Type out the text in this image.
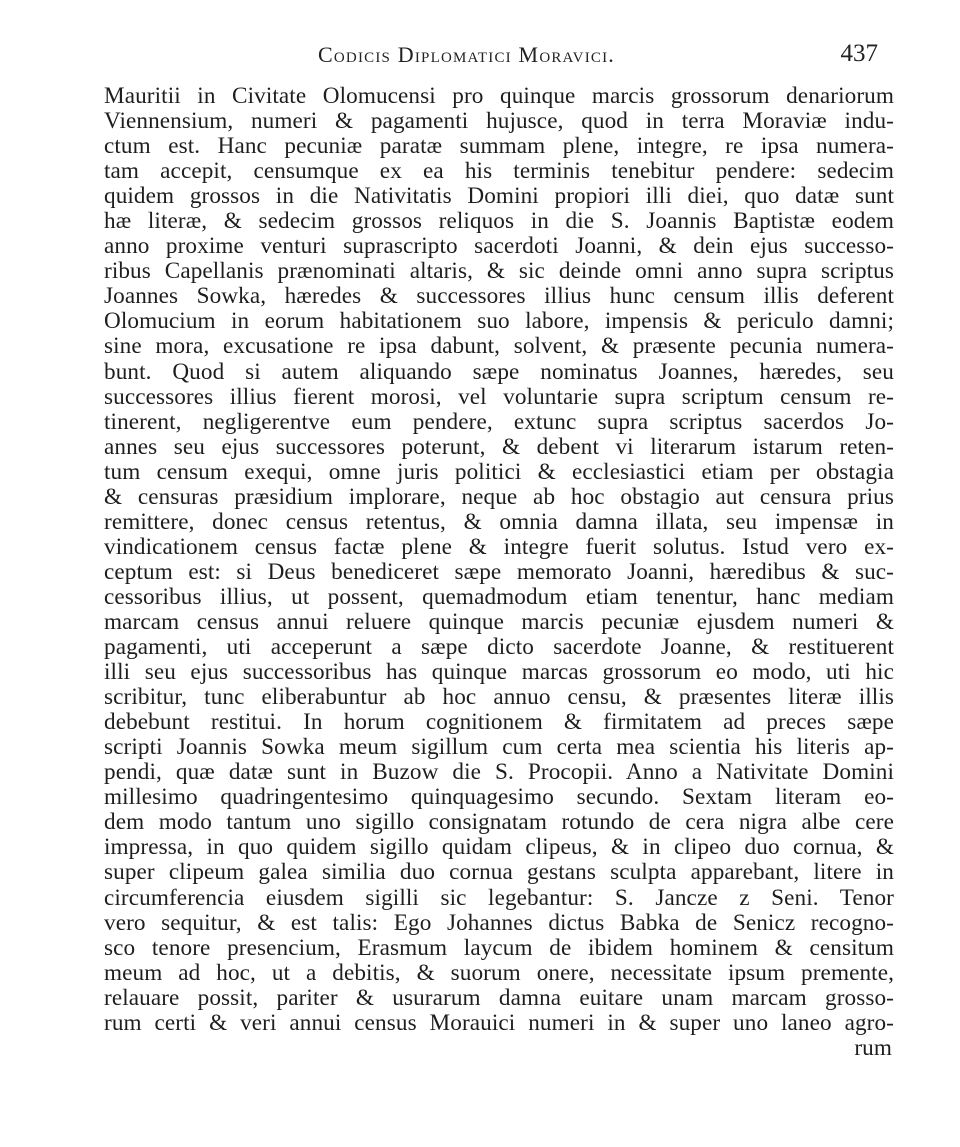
Codicis Diplomatici Moravici.	437
Mauritii in Civitate Olomucensi pro quinque marcis grossorum denariorum
Viennensium, numeri & pagamenti hujusce, quod in terra Moraviæ indu-
ctum est. Hanc pecuniæ paratæ summam plene, integre, re ipsa numera-
tam accepit, censumque ex ea his terminis tenebitur pendere: sedecim
quidem grossos in die Nativitatis Domini propiori illi diei, quo datæ sunt
hæ literæ, & sedecim grossos reliquos in die S. Joannis Baptistæ eodem
anno proxime venturi suprascripto sacerdoti Joanni, & dein ejus successo-
ribus Capellanis prænominati altaris, & sic deinde omni anno supra scriptus
Joannes Sowka, hæredes & successores illius hunc censum illis deferent
Olomucium in eorum habitationem suo labore, impensis & periculo damni;
sine mora, excusatione re ipsa dabunt, solvent, & præsente pecunia numera-
bunt. Quod si autem aliquando sæpe nominatus Joannes, hæredes, seu
successores illius fierent morosi, vel voluntarie supra scriptum censum re-
tinerent, negligerentve eum pendere, extunc supra scriptus sacerdos Jo-
annes seu ejus successores poterunt, & debent vi literarum istarum reten-
tum censum exequi, omne juris politici & ecclesiastici etiam per obstagia
& censuras præsidium implorare, neque ab hoc obstagio aut censura prius
remittere, donec census retentus, & omnia damna illata, seu impensæ in
vindicationem census factæ plene & integre fuerit solutus. Istud vero ex-
ceptum est: si Deus benediceret sæpe memorato Joanni, hæredibus & suc-
cessoribus illius, ut possent, quemadmodum etiam tenentur, hanc mediam
marcam census annui reluere quinque marcis pecuniæ ejusdem numeri &
pagamenti, uti acceperunt a sæpe dicto sacerdote Joanne, & restituerent
illi seu ejus successoribus has quinque marcas grossorum eo modo, uti hic
scribitur, tunc eliberabuntur ab hoc annuo censu, & præsentes literæ illis
debebunt restitui. In horum cognitionem & firmitatem ad preces sæpe
scripti Joannis Sowka meum sigillum cum certa mea scientia his literis ap-
pendi, quæ datæ sunt in Buzow die S. Procopii. Anno a Nativitate Domini
millesimo quadringentesimo quinquagesimo secundo. Sextam literam eo-
dem modo tantum uno sigillo consignatam rotundo de cera nigra albe cere
impressa, in quo quidem sigillo quidam clipeus, & in clipeo duo cornua, &
super clipeum galea similia duo cornua gestans sculpta apparebant, litere in
circumferencia eiusdem sigilli sic legebantur: S. Jancze z Seni. Tenor
vero sequitur, & est talis: Ego Johannes dictus Babka de Senicz recogno-
sco tenore presencium, Erasmum laycum de ibidem hominem & censitum
meum ad hoc, ut a debitis, & suorum onere, necessitate ipsum premente,
relauare possit, pariter & usurarum damna euitare unam marcam grosso-
rum certi & veri annui census Morauici numeri in & super uno laneo agro-
rum
